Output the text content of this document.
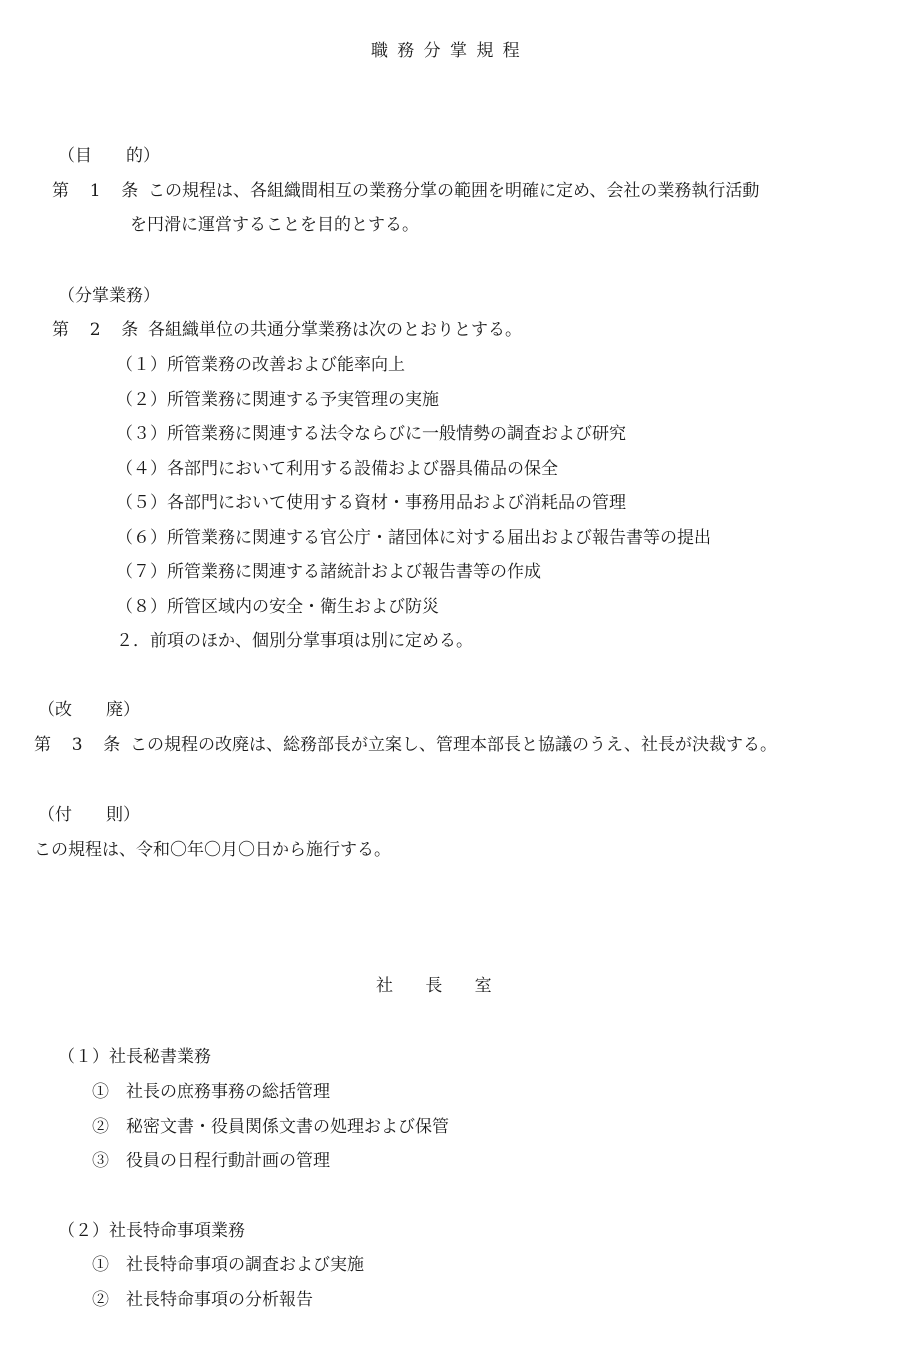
職務分掌規程
（目　　的）
第 1 条 この規程は、各組織間相互の業務分掌の範囲を明確に定め、会社の業務執行活動
を円滑に運営することを目的とする。
（分掌業務）
第 2 条 各組織単位の共通分掌業務は次のとおりとする。
（１）所管業務の改善および能率向上
（２）所管業務に関連する予実管理の実施
（３）所管業務に関連する法令ならびに一般情勢の調査および研究
（４）各部門において利用する設備および器具備品の保全
（５）各部門において使用する資材・事務用品および消耗品の管理
（６）所管業務に関連する官公庁・諸団体に対する届出および報告書等の提出
（７）所管業務に関連する諸統計および報告書等の作成
（８）所管区域内の安全・衛生および防災
２．前項のほか、個別分掌事項は別に定める。
（改　　廃）
第 3 条 この規程の改廃は、総務部長が立案し、管理本部長と協議のうえ、社長が決裁する。
（付　　則）
この規程は、令和〇年〇月〇日から施行する。
社長室
（１）社長秘書業務
①　社長の庶務事務の総括管理
②　秘密文書・役員関係文書の処理および保管
③　役員の日程行動計画の管理
（２）社長特命事項業務
①　社長特命事項の調査および実施
②　社長特命事項の分析報告
